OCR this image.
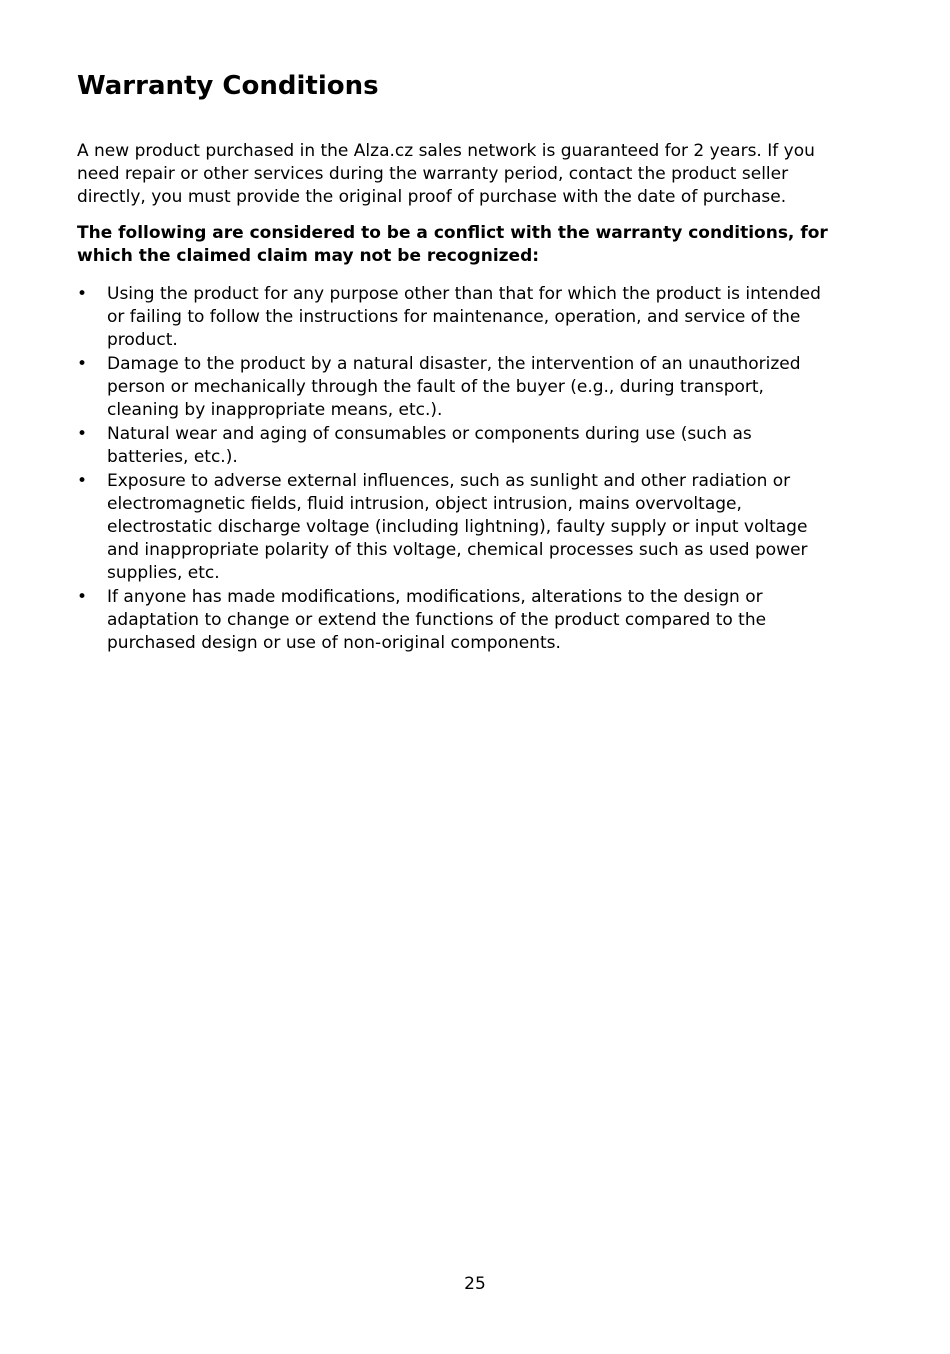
Warranty Conditions

A new product purchased in the Alza.cz sales network is guaranteed for 2 years. If you need repair or other services during the warranty period, contact the product seller directly, you must provide the original proof of purchase with the date of purchase.

The following are considered to be a conflict with the warranty conditions, for which the claimed claim may not be recognized:

• Using the product for any purpose other than that for which the product is intended or failing to follow the instructions for maintenance, operation, and service of the product.
• Damage to the product by a natural disaster, the intervention of an unauthorized person or mechanically through the fault of the buyer (e.g., during transport, cleaning by inappropriate means, etc.).
• Natural wear and aging of consumables or components during use (such as batteries, etc.).
• Exposure to adverse external influences, such as sunlight and other radiation or electromagnetic fields, fluid intrusion, object intrusion, mains overvoltage, electrostatic discharge voltage (including lightning), faulty supply or input voltage and inappropriate polarity of this voltage, chemical processes such as used power supplies, etc.
• If anyone has made modifications, modifications, alterations to the design or adaptation to change or extend the functions of the product compared to the purchased design or use of non-original components.
25
